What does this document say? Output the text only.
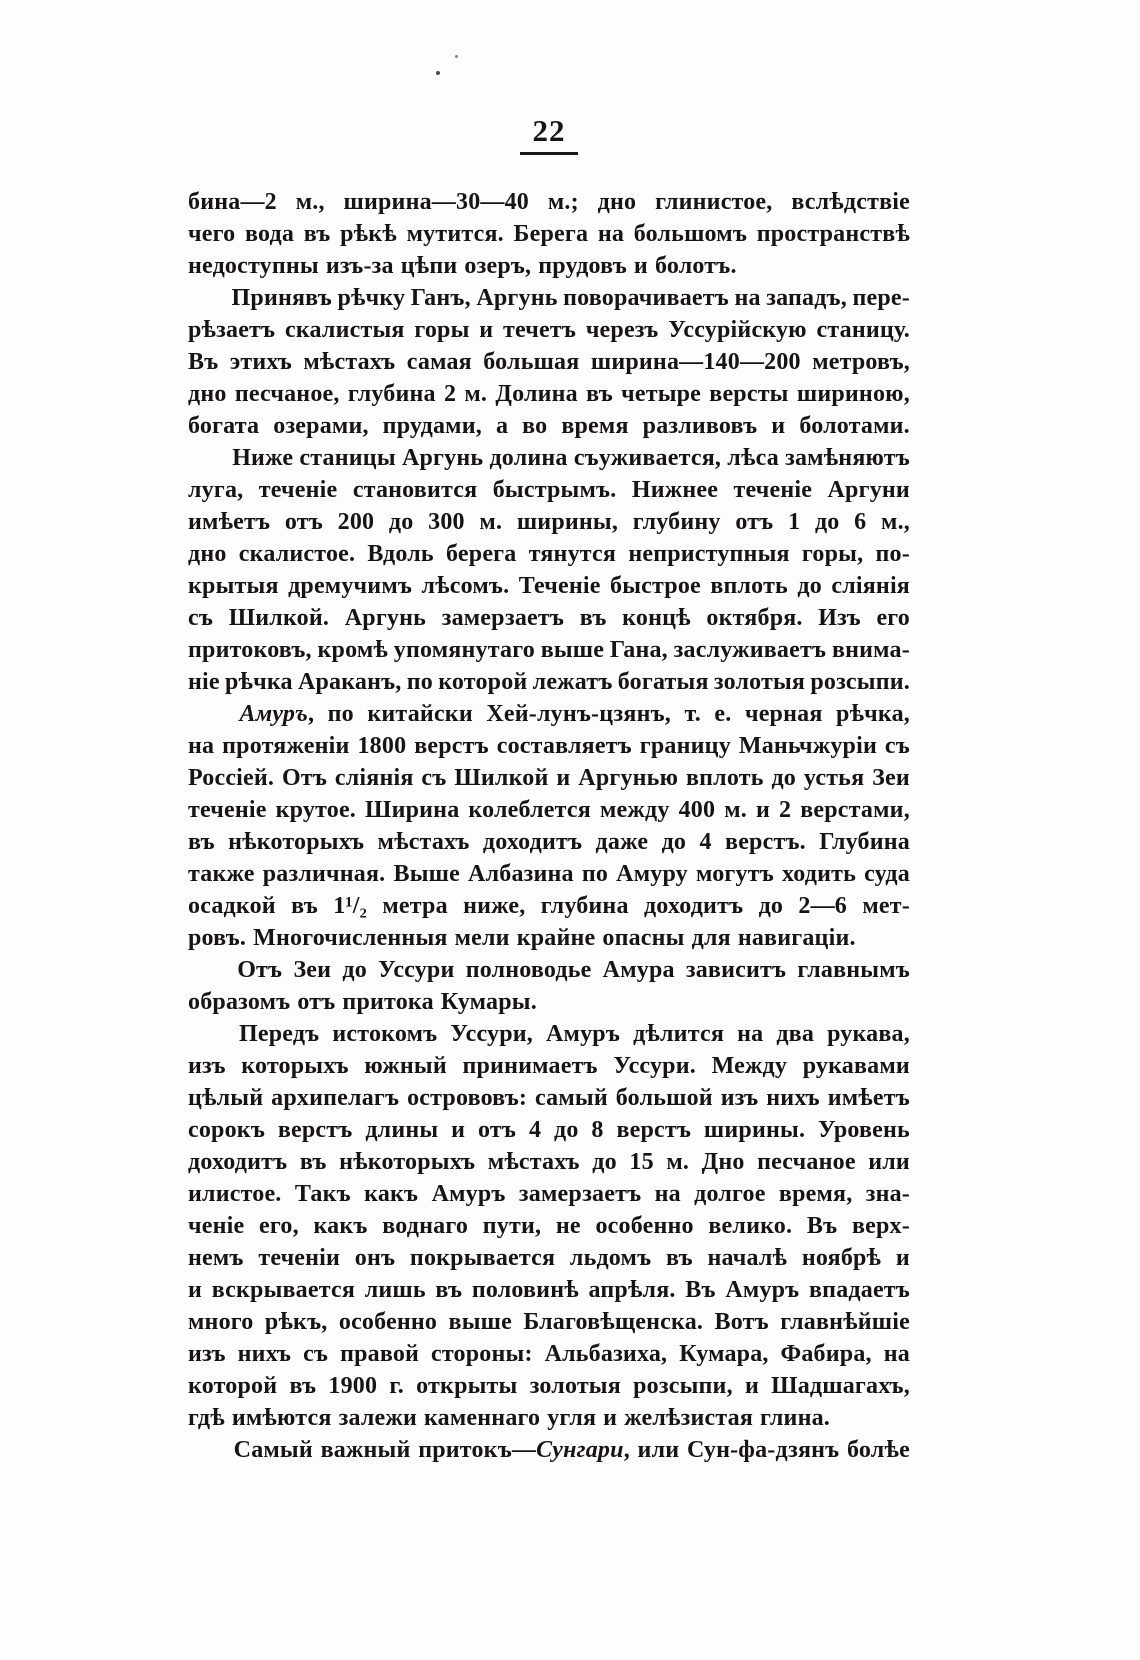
22
бина—2 м., ширина—30—40 м.; дно глинистое, вслѣдствіе
чего вода въ рѣкѣ мутится. Берега на большомъ пространствѣ
недоступны изъ-за цѣпи озеръ, прудовъ и болотъ.
Принявъ рѣчку Ганъ, Аргунь поворачиваетъ на западъ, пере-
рѣзаетъ скалистыя горы и течетъ черезъ Уссурійскую станицу.
Въ этихъ мѣстахъ самая большая ширина—140—200 метровъ,
дно песчаное, глубина 2 м. Долина въ четыре версты шириною,
богата озерами, прудами, а во время разливовъ и болотами.
Ниже станицы Аргунь долина съуживается, лѣса замѣняютъ
луга, теченіе становится быстрымъ. Нижнее теченіе Аргуни
имѣетъ отъ 200 до 300 м. ширины, глубину отъ 1 до 6 м.,
дно скалистое. Вдоль берега тянутся неприступныя горы, по-
крытыя дремучимъ лѣсомъ. Теченіе быстрое вплоть до сліянія
съ Шилкой. Аргунь замерзаетъ въ концѣ октября. Изъ его
притоковъ, кромѣ упомянутаго выше Гана, заслуживаетъ внима-
ніе рѣчка Араканъ, по которой лежатъ богатыя золотыя розсыпи.
Амуръ, по китайски Хей-лунъ-цзянъ, т. е. черная рѣчка,
на протяженіи 1800 верстъ составляетъ границу Маньчжуріи съ
Россіей. Отъ сліянія съ Шилкой и Аргунью вплоть до устья Зеи
теченіе крутое. Ширина колеблется между 400 м. и 2 верстами,
въ нѣкоторыхъ мѣстахъ доходитъ даже до 4 верстъ. Глубина
также различная. Выше Албазина по Амуру могутъ ходить суда
осадкой въ 1¹/₂ метра ниже, глубина доходитъ до 2—6 мет-
ровъ. Многочисленныя мели крайне опасны для навигаціи.
Отъ Зеи до Уссури полноводье Амура зависитъ главнымъ
образомъ отъ притока Кумары.
Передъ истокомъ Уссури, Амуръ дѣлится на два рукава,
изъ которыхъ южный принимаетъ Уссури. Между рукавами
цѣлый архипелагъ острововъ: самый большой изъ нихъ имѣетъ
сорокъ верстъ длины и отъ 4 до 8 верстъ ширины. Уровень
доходитъ въ нѣкоторыхъ мѣстахъ до 15 м. Дно песчаное или
илистое. Такъ какъ Амуръ замерзаетъ на долгое время, зна-
ченіе его, какъ воднаго пути, не особенно велико. Въ верх-
немъ теченіи онъ покрывается льдомъ въ началѣ ноябрѣ и
и вскрывается лишь въ половинѣ апрѣля. Въ Амуръ впадаетъ
много рѣкъ, особенно выше Благовѣщенска. Вотъ главнѣйшіе
изъ нихъ съ правой стороны: Альбазиха, Кумара, Фабира, на
которой въ 1900 г. открыты золотыя розсыпи, и Шадшагахъ,
гдѣ имѣются залежи каменнаго угля и желѣзистая глина.
Самый важный притокъ—Сунгари, или Сун-фа-дзянъ болѣе
